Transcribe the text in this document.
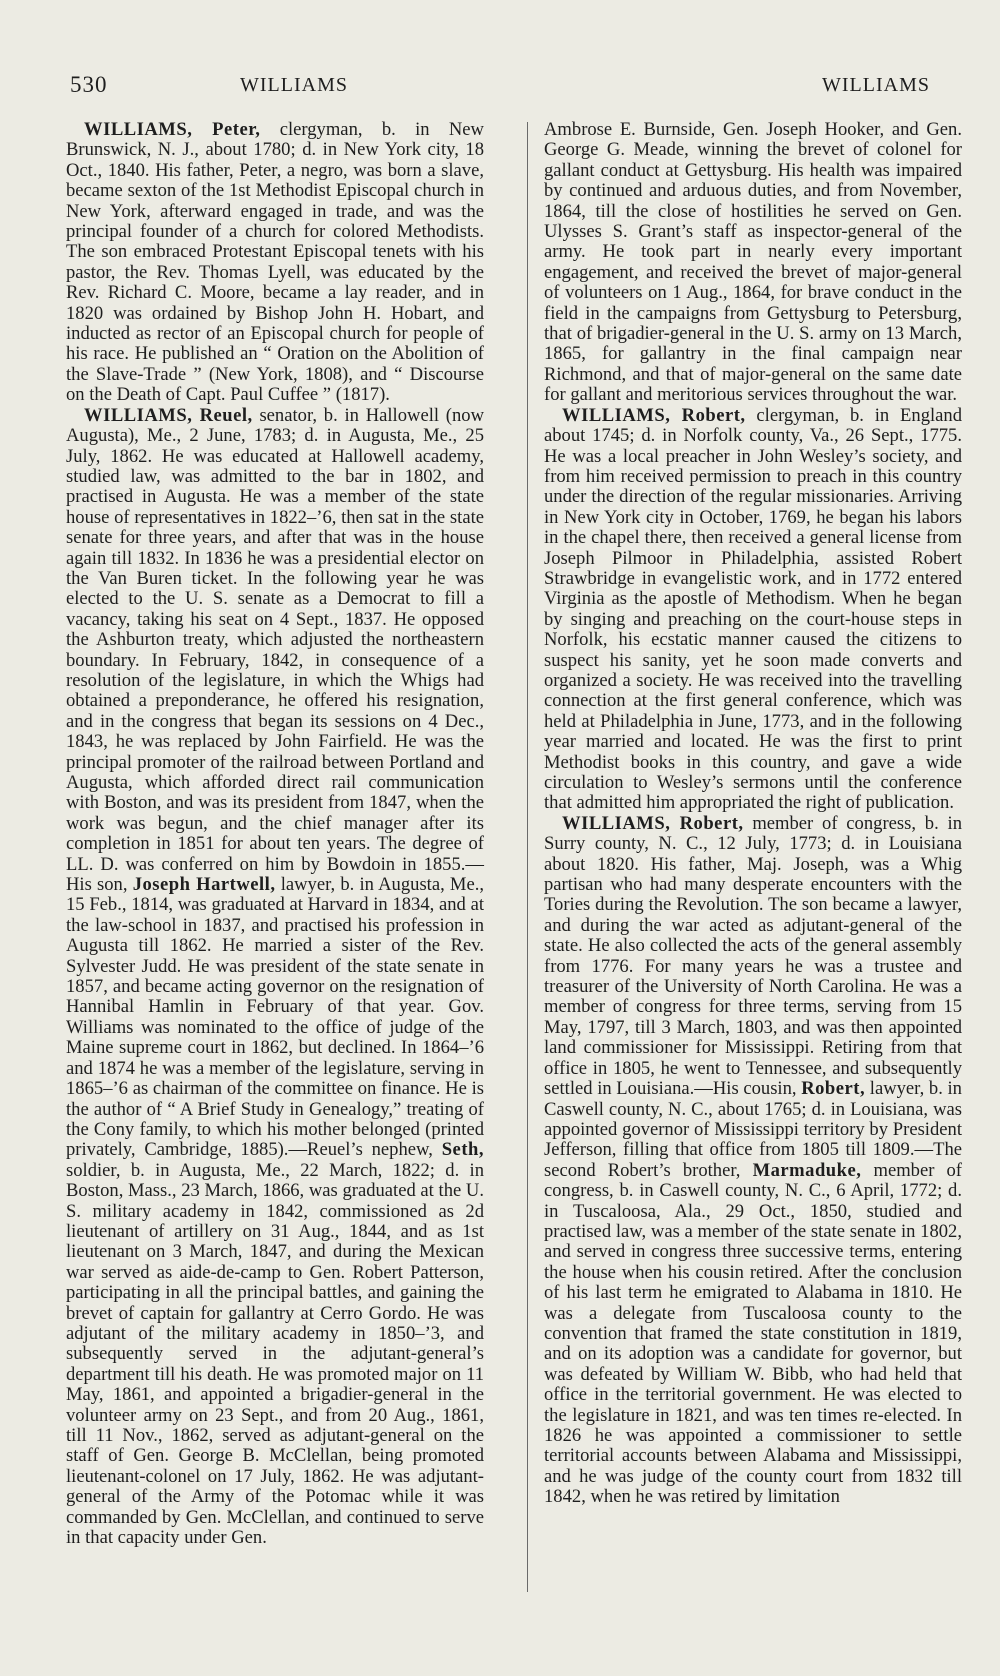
530	WILLIAMS	WILLIAMS

WILLIAMS, Peter, clergyman, b. in New Brunswick, N. J., about 1780; d. in New York city, 18 Oct., 1840. His father, Peter, a negro, was born a slave, became sexton of the 1st Methodist Episcopal church in New York, afterward engaged in trade, and was the principal founder of a church for colored Methodists. The son embraced Protestant Episcopal tenets with his pastor, the Rev. Thomas Lyell, was educated by the Rev. Richard C. Moore, became a lay reader, and in 1820 was ordained by Bishop John H. Hobart, and inducted as rector of an Episcopal church for people of his race. He published an “ Oration on the Abolition of the Slave-Trade ” (New York, 1808), and “ Discourse on the Death of Capt. Paul Cuffee ” (1817).

WILLIAMS, Reuel, senator, b. in Hallowell (now Augusta), Me., 2 June, 1783; d. in Augusta, Me., 25 July, 1862. He was educated at Hallowell academy, studied law, was admitted to the bar in 1802, and practised in Augusta. He was a member of the state house of representatives in 1822–’6, then sat in the state senate for three years, and after that was in the house again till 1832. In 1836 he was a presidential elector on the Van Buren ticket. In the following year he was elected to the U. S. senate as a Democrat to fill a vacancy, taking his seat on 4 Sept., 1837. He opposed the Ashburton treaty, which adjusted the northeastern boundary. In February, 1842, in consequence of a resolution of the legislature, in which the Whigs had obtained a preponderance, he offered his resignation, and in the congress that began its sessions on 4 Dec., 1843, he was replaced by John Fairfield. He was the principal promoter of the railroad between Portland and Augusta, which afforded direct rail communication with Boston, and was its president from 1847, when the work was begun, and the chief manager after its completion in 1851 for about ten years. The degree of LL. D. was conferred on him by Bowdoin in 1855.—His son, Joseph Hartwell, lawyer, b. in Augusta, Me., 15 Feb., 1814, was graduated at Harvard in 1834, and at the law-school in 1837, and practised his profession in Augusta till 1862. He married a sister of the Rev. Sylvester Judd. He was president of the state senate in 1857, and became acting governor on the resignation of Hannibal Hamlin in February of that year. Gov. Williams was nominated to the office of judge of the Maine supreme court in 1862, but declined. In 1864–’6 and 1874 he was a member of the legislature, serving in 1865–’6 as chairman of the committee on finance. He is the author of “ A Brief Study in Genealogy,” treating of the Cony family, to which his mother belonged (printed privately, Cambridge, 1885).—Reuel’s nephew, Seth, soldier, b. in Augusta, Me., 22 March, 1822; d. in Boston, Mass., 23 March, 1866, was graduated at the U. S. military academy in 1842, commissioned as 2d lieutenant of artillery on 31 Aug., 1844, and as 1st lieutenant on 3 March, 1847, and during the Mexican war served as aide-de-camp to Gen. Robert Patterson, participating in all the principal battles, and gaining the brevet of captain for gallantry at Cerro Gordo. He was adjutant of the military academy in 1850–’3, and subsequently served in the adjutant-general’s department till his death. He was promoted major on 11 May, 1861, and appointed a brigadier-general in the volunteer army on 23 Sept., and from 20 Aug., 1861, till 11 Nov., 1862, served as adjutant-general on the staff of Gen. George B. McClellan, being promoted lieutenant-colonel on 17 July, 1862. He was adjutant-general of the Army of the Potomac while it was commanded by Gen. McClellan, and continued to serve in that capacity under Gen.

Ambrose E. Burnside, Gen. Joseph Hooker, and Gen. George G. Meade, winning the brevet of colonel for gallant conduct at Gettysburg. His health was impaired by continued and arduous duties, and from November, 1864, till the close of hostilities he served on Gen. Ulysses S. Grant’s staff as inspector-general of the army. He took part in nearly every important engagement, and received the brevet of major-general of volunteers on 1 Aug., 1864, for brave conduct in the field in the campaigns from Gettysburg to Petersburg, that of brigadier-general in the U. S. army on 13 March, 1865, for gallantry in the final campaign near Richmond, and that of major-general on the same date for gallant and meritorious services throughout the war.

WILLIAMS, Robert, clergyman, b. in England about 1745; d. in Norfolk county, Va., 26 Sept., 1775. He was a local preacher in John Wesley’s society, and from him received permission to preach in this country under the direction of the regular missionaries. Arriving in New York city in October, 1769, he began his labors in the chapel there, then received a general license from Joseph Pilmoor in Philadelphia, assisted Robert Strawbridge in evangelistic work, and in 1772 entered Virginia as the apostle of Methodism. When he began by singing and preaching on the court-house steps in Norfolk, his ecstatic manner caused the citizens to suspect his sanity, yet he soon made converts and organized a society. He was received into the travelling connection at the first general conference, which was held at Philadelphia in June, 1773, and in the following year married and located. He was the first to print Methodist books in this country, and gave a wide circulation to Wesley’s sermons until the conference that admitted him appropriated the right of publication.

WILLIAMS, Robert, member of congress, b. in Surry county, N. C., 12 July, 1773; d. in Louisiana about 1820. His father, Maj. Joseph, was a Whig partisan who had many desperate encounters with the Tories during the Revolution. The son became a lawyer, and during the war acted as adjutant-general of the state. He also collected the acts of the general assembly from 1776. For many years he was a trustee and treasurer of the University of North Carolina. He was a member of congress for three terms, serving from 15 May, 1797, till 3 March, 1803, and was then appointed land commissioner for Mississippi. Retiring from that office in 1805, he went to Tennessee, and subsequently settled in Louisiana.—His cousin, Robert, lawyer, b. in Caswell county, N. C., about 1765; d. in Louisiana, was appointed governor of Mississippi territory by President Jefferson, filling that office from 1805 till 1809.—The second Robert’s brother, Marmaduke, member of congress, b. in Caswell county, N. C., 6 April, 1772; d. in Tuscaloosa, Ala., 29 Oct., 1850, studied and practised law, was a member of the state senate in 1802, and served in congress three successive terms, entering the house when his cousin retired. After the conclusion of his last term he emigrated to Alabama in 1810. He was a delegate from Tuscaloosa county to the convention that framed the state constitution in 1819, and on its adoption was a candidate for governor, but was defeated by William W. Bibb, who had held that office in the territorial government. He was elected to the legislature in 1821, and was ten times re-elected. In 1826 he was appointed a commissioner to settle territorial accounts between Alabama and Mississippi, and he was judge of the county court from 1832 till 1842, when he was retired by limitation
